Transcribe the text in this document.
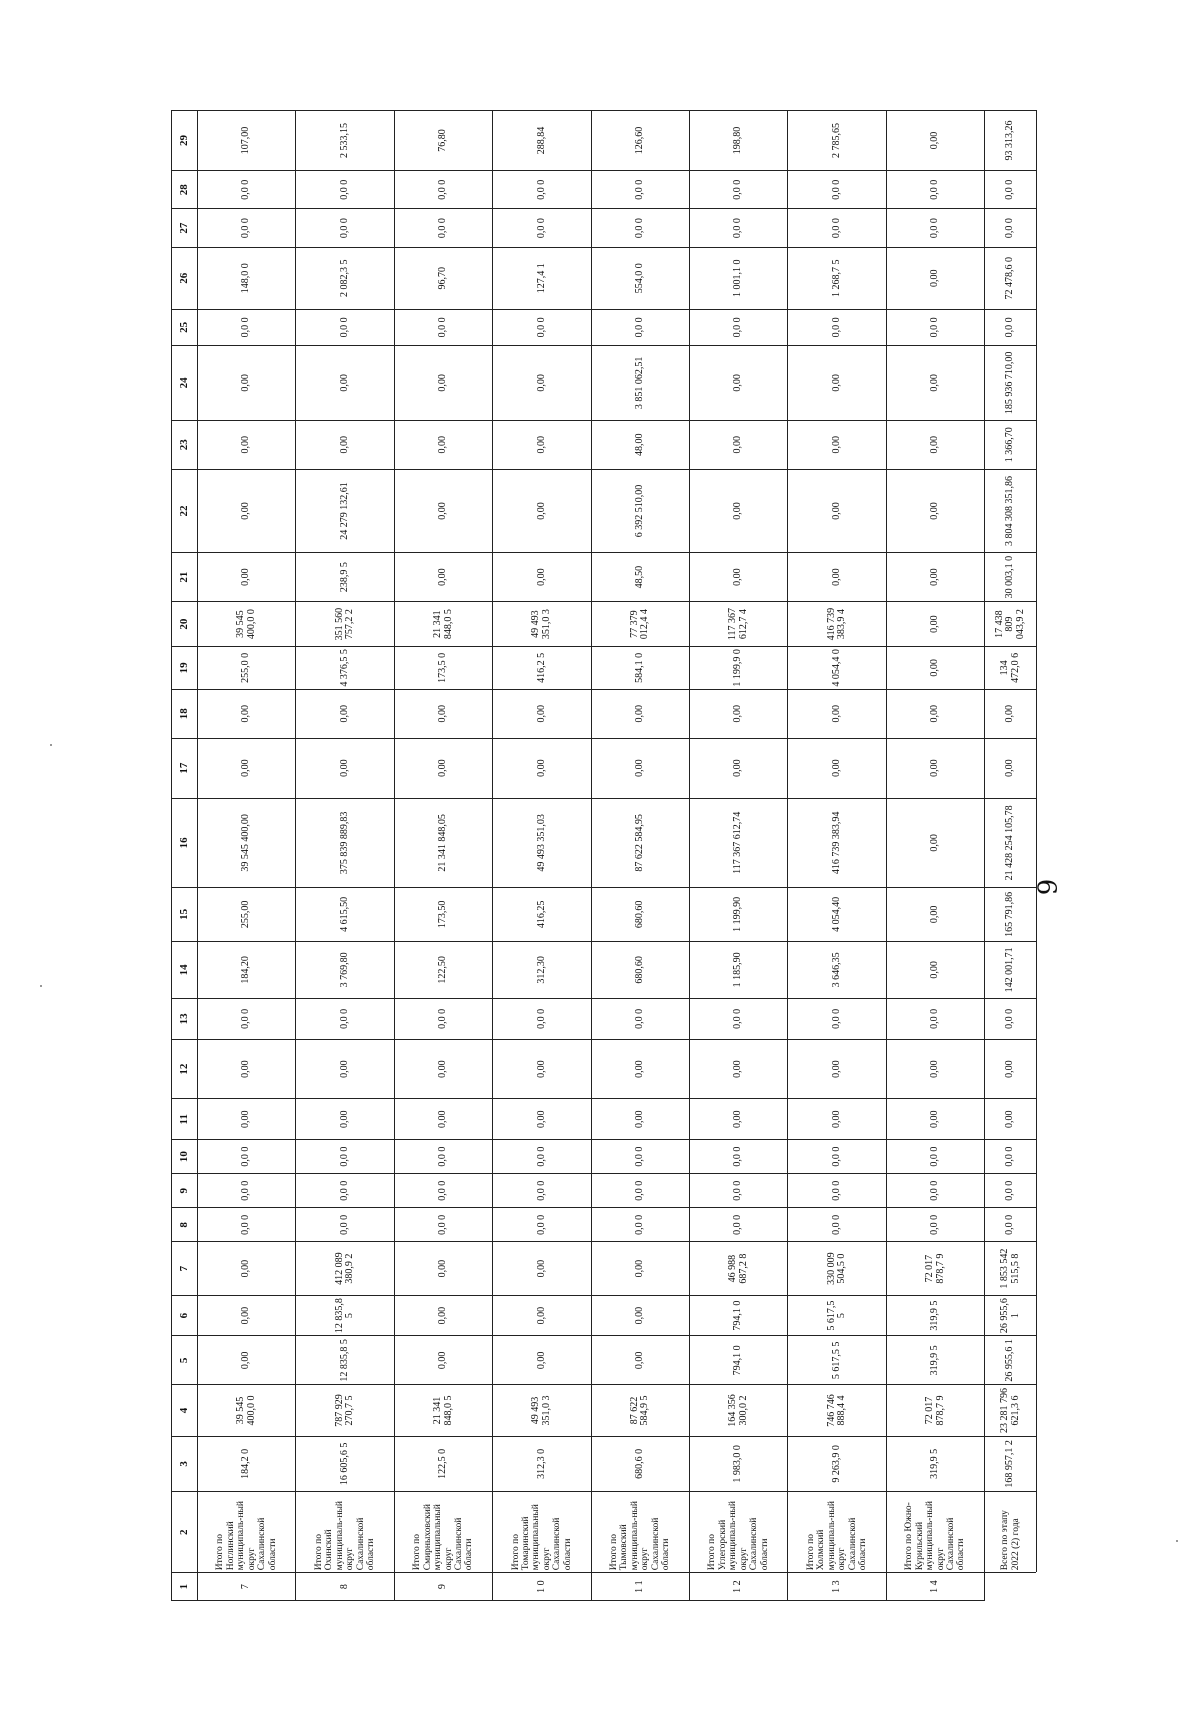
1	2	3	4	5	6	7	8	9	10	11	12	13	14	15	16	17	18	19	20	21	22	23	24	25	26	27	28	29
7	Итого по Ноглинский муниципаль-ный округ Сахалинской области	184,2 0	39 545 400,0 0	0,00	0,00	0,00	0,0 0	0,0 0	0,0 0	0,00	0,00	0,0 0	184,20	255,00	39 545 400,00	0,00	0,00	255,0 0	39 545 400,0 0	0,00	0,00	0,00	0,00	0,0 0	148,0 0	0,0 0	0,0 0	107,00
8	Итого по Охинский муниципаль-ный округ Сахалинской области	16 605,6 5	787 929 270,7 5	12 835,8 5	12 835,8 5	412 089 380,9 2	0,0 0	0,0 0	0,0 0	0,00	0,00	0,0 0	3 769,80	4 615,50	375 839 889,83	0,00	0,00	4 376,5 5	351 560 757,2 2	238,9 5	24 279 132,61	0,00	0,00	0,0 0	2 082,3 5	0,0 0	0,0 0	2 533,15
9	Итого по Смирныховский муниципальный округ Сахалинской области	122,5 0	21 341 848,0 5	0,00	0,00	0,00	0,0 0	0,0 0	0,0 0	0,00	0,00	0,0 0	122,50	173,50	21 341 848,05	0,00	0,00	173,5 0	21 341 848,0 5	0,00	0,00	0,00	0,00	0,0 0	96,70	0,0 0	0,0 0	76,80
1 0	Итого по Томаринский муниципальный округ Сахалинской области	312,3 0	49 493 351,0 3	0,00	0,00	0,00	0,0 0	0,0 0	0,0 0	0,00	0,00	0,0 0	312,30	416,25	49 493 351,03	0,00	0,00	416,2 5	49 493 351,0 3	0,00	0,00	0,00	0,00	0,0 0	127,4 1	0,0 0	0,0 0	288,84
1 1	Итого по Тымовский муниципаль-ный округ Сахалинской области	680,6 0	87 622 584,9 5	0,00	0,00	0,00	0,0 0	0,0 0	0,0 0	0,00	0,00	0,0 0	680,60	680,60	87 622 584,95	0,00	0,00	584,1 0	77 379 012,4 4	48,50	6 392 510,00	48,00	3 851 062,51	0,0 0	554,0 0	0,0 0	0,0 0	126,60
1 2	Итого по Углегорский муниципаль-ный округ Сахалинской области	1 983,0 0	164 356 300,0 2	794,1 0	794,1 0	46 988 687,2 8	0,0 0	0,0 0	0,0 0	0,00	0,00	0,0 0	1 185,90	1 199,90	117 367 612,74	0,00	0,00	1 199,9 0	117 367 612,7 4	0,00	0,00	0,00	0,00	0,0 0	1 001,1 0	0,0 0	0,0 0	198,80
1 3	Итого по Холмский муниципаль-ный округ Сахалинской области	9 263,9 0	746 746 888,4 4	5 617,5 5	5 617,5 5	330 009 504,5 0	0,0 0	0,0 0	0,0 0	0,00	0,00	0,0 0	3 646,35	4 054,40	416 739 383,94	0,00	0,00	4 054,4 0	416 739 383,9 4	0,00	0,00	0,00	0,00	0,0 0	1 268,7 5	0,0 0	0,0 0	2 785,65
1 4	Итого по Южно-Курильский муниципаль-ный округ Сахалинской области	319,9 5	72 017 878,7 9	319,9 5	319,9 5	72 017 878,7 9	0,0 0	0,0 0	0,0 0	0,00	0,00	0,0 0	0,00	0,00	0,00	0,00	0,00	0,00	0,00	0,00	0,00	0,00	0,00	0,0 0	0,00	0,0 0	0,0 0	0,00
	Всего по этапу 2022 (2) года	168 957,1 2	23 281 796 621,3 6	26 955,6 1	26 955,6 1	1 853 542 515,5 8	0,0 0	0,0 0	0,0 0	0,00	0,00	0,0 0	142 001,71	165 791,86	21 428 254 105,78	0,00	0,00	134 472,0 6	17 438 809 043,9 2	30 003,1 0	3 804 308 351,86	1 366,70	185 936 710,00	0,0 0	72 478,6 0	0,0 0	0,0 0	93 313,26
9
